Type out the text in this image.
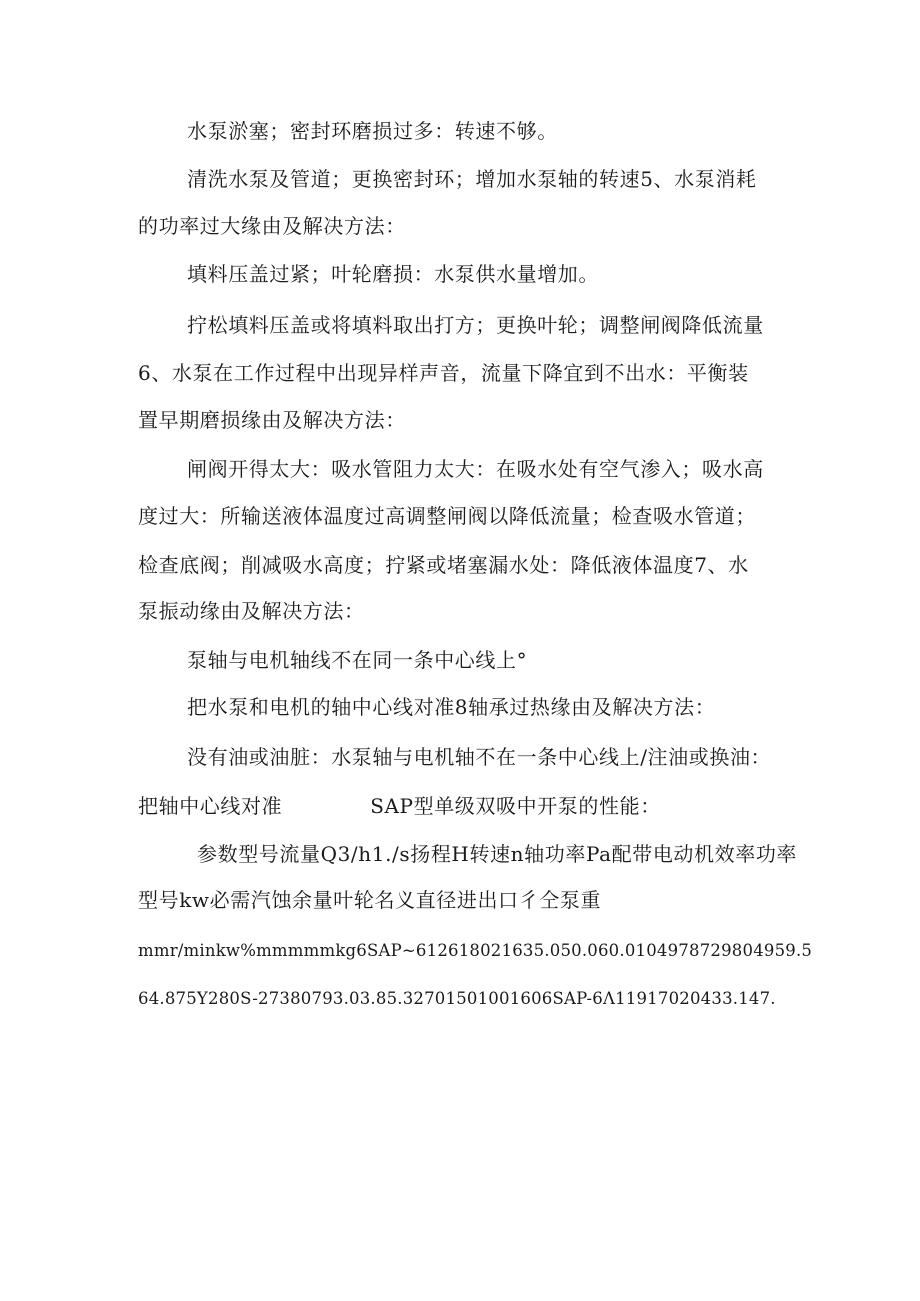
水泵淤塞；密封环磨损过多：转速不够。
清洗水泵及管道；更换密封环；增加水泵轴的转速5、水泵消耗
的功率过大缘由及解决方法：
填料压盖过紧；叶轮磨损：水泵供水量增加。
拧松填料压盖或将填料取出打方；更换叶轮；调整闸阀降低流量
6、水泵在工作过程中出现异样声音，流量下降宜到不出水：平衡装
置早期磨损缘由及解决方法：
闸阀开得太大：吸水管阻力太大：在吸水处有空气渗入；吸水高
度过大：所输送液体温度过高调整闸阀以降低流量；检查吸水管道；
检查底阀；削减吸水高度；拧紧或堵塞漏水处：降低液体温度7、水
泵振动缘由及解决方法：
泵轴与电机轴线不在同一条中心线上°
把水泵和电机的轴中心线对准8轴承过热缘由及解决方法：
没有油或油脏：水泵轴与电机轴不在一条中心线上/注油或换油：
把轴中心线对准	SAP型单级双吸中开泵的性能：
参数型号流量Q3/h1./s扬程H转速n轴功率Pa配带电动机效率功率
型号kw必需汽蚀余量叶轮名义直径进出口彳仝泵重
mmr/minkw%mmmmmkg6SAP~612618021635.050.060.0104978729804959.5
64.875Y280S-27380793.03.85.32701501001606SAP-6Λ11917020433.147.
